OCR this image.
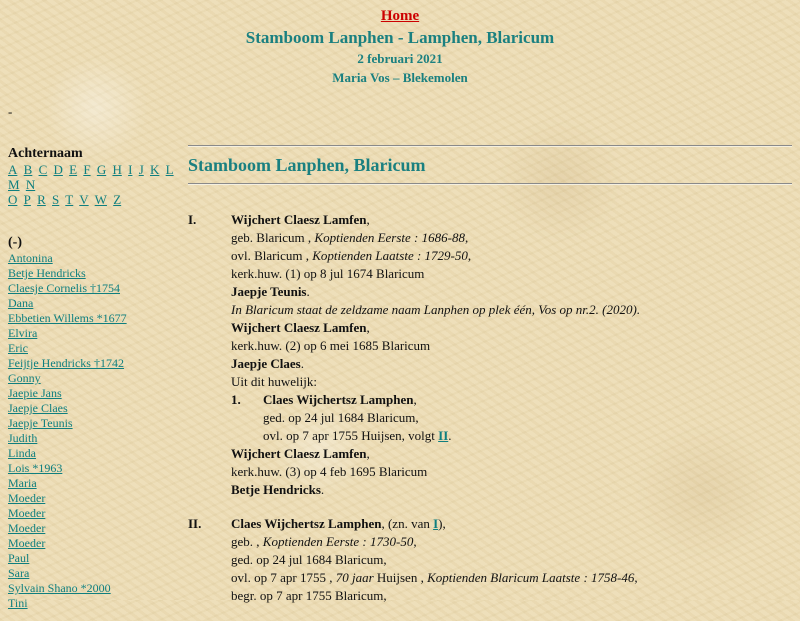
Home
Stamboom Lanphen - Lamphen, Blaricum
2 februari 2021
Maria Vos – Blekemolen
-
Achternaam
A B C D E F G H I J K L M N
O P R S T V W Z
(-)
Antonina
Betje Hendricks
Claesje Cornelis †1754
Dana
Ebbetien Willems *1677
Elvira
Eric
Feijtje Hendricks †1742
Gonny
Jaepie Jans
Jaepje Claes
Jaepje Teunis
Judith
Linda
Lois *1963
Maria
Moeder
Moeder
Moeder
Moeder
Paul
Sara
Sylvain Shano *2000
Tini
Stamboom Lanphen, Blaricum
I.	Wijchert Claesz Lamfen,
geb. Blaricum , Koptienden Eerste : 1686-88,
ovl. Blaricum , Koptienden Laatste : 1729-50,
kerk.huw. (1) op 8 jul 1674 Blaricum
Jaepje Teunis.
In Blaricum staat de zeldzame naam Lanphen op plek één, Vos op nr.2. (2020).
Wijchert Claesz Lamfen,
kerk.huw. (2) op 6 mei 1685 Blaricum
Jaepje Claes.
Uit dit huwelijk:
1. Claes Wijchertsz Lamphen,
ged. op 24 jul 1684 Blaricum,
ovl. op 7 apr 1755 Huijsen, volgt II.
Wijchert Claesz Lamfen,
kerk.huw. (3) op 4 feb 1695 Blaricum
Betje Hendricks.
II. Claes Wijchertsz Lamphen, (zn. van I),
geb. , Koptienden Eerste : 1730-50,
ged. op 24 jul 1684 Blaricum,
ovl. op 7 apr 1755 , 70 jaar Huijsen , Koptienden Blaricum Laatste : 1758-46,
begr. op 7 apr 1755 Blaricum,
